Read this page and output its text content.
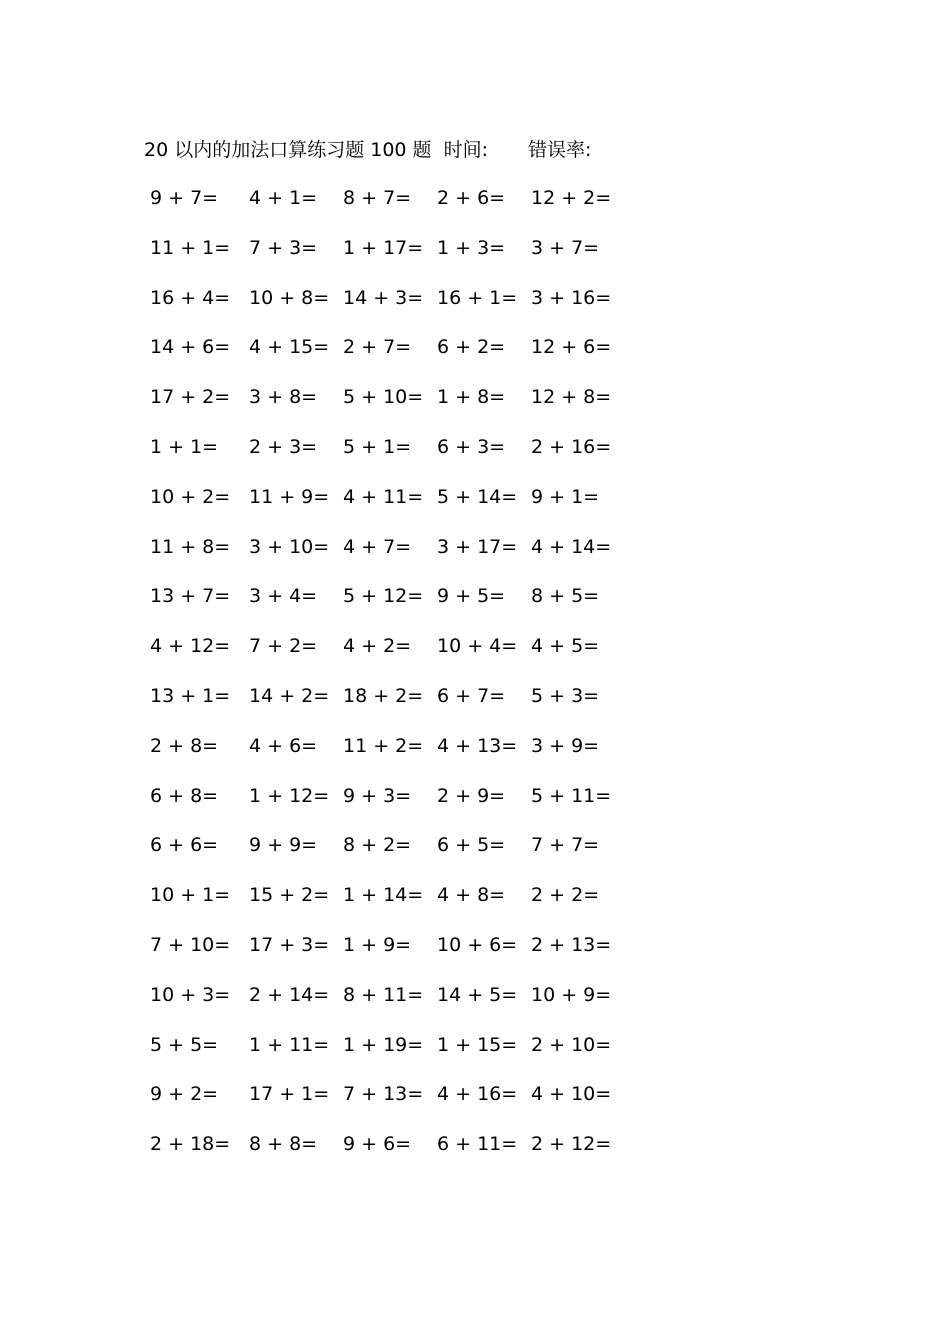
20 以内的加法口算练习题 100 题 时间: 错误率:
9 + 7= 4 + 1= 8 + 7= 2 + 6= 12 + 2=
11 + 1= 7 + 3= 1 + 17= 1 + 3= 3 + 7=
16 + 4= 10 + 8= 14 + 3= 16 + 1= 3 + 16=
14 + 6= 4 + 15= 2 + 7= 6 + 2= 12 + 6=
17 + 2= 3 + 8= 5 + 10= 1 + 8= 12 + 8=
1 + 1= 2 + 3= 5 + 1= 6 + 3= 2 + 16=
10 + 2= 11 + 9= 4 + 11= 5 + 14= 9 + 1=
11 + 8= 3 + 10= 4 + 7= 3 + 17= 4 + 14=
13 + 7= 3 + 4= 5 + 12= 9 + 5= 8 + 5=
4 + 12= 7 + 2= 4 + 2= 10 + 4= 4 + 5=
13 + 1= 14 + 2= 18 + 2= 6 + 7= 5 + 3=
2 + 8= 4 + 6= 11 + 2= 4 + 13= 3 + 9=
6 + 8= 1 + 12= 9 + 3= 2 + 9= 5 + 11=
6 + 6= 9 + 9= 8 + 2= 6 + 5= 7 + 7=
10 + 1= 15 + 2= 1 + 14= 4 + 8= 2 + 2=
7 + 10= 17 + 3= 1 + 9= 10 + 6= 2 + 13=
10 + 3= 2 + 14= 8 + 11= 14 + 5= 10 + 9=
5 + 5= 1 + 11= 1 + 19= 1 + 15= 2 + 10=
9 + 2= 17 + 1= 7 + 13= 4 + 16= 4 + 10=
2 + 18= 8 + 8= 9 + 6= 6 + 11= 2 + 12=
